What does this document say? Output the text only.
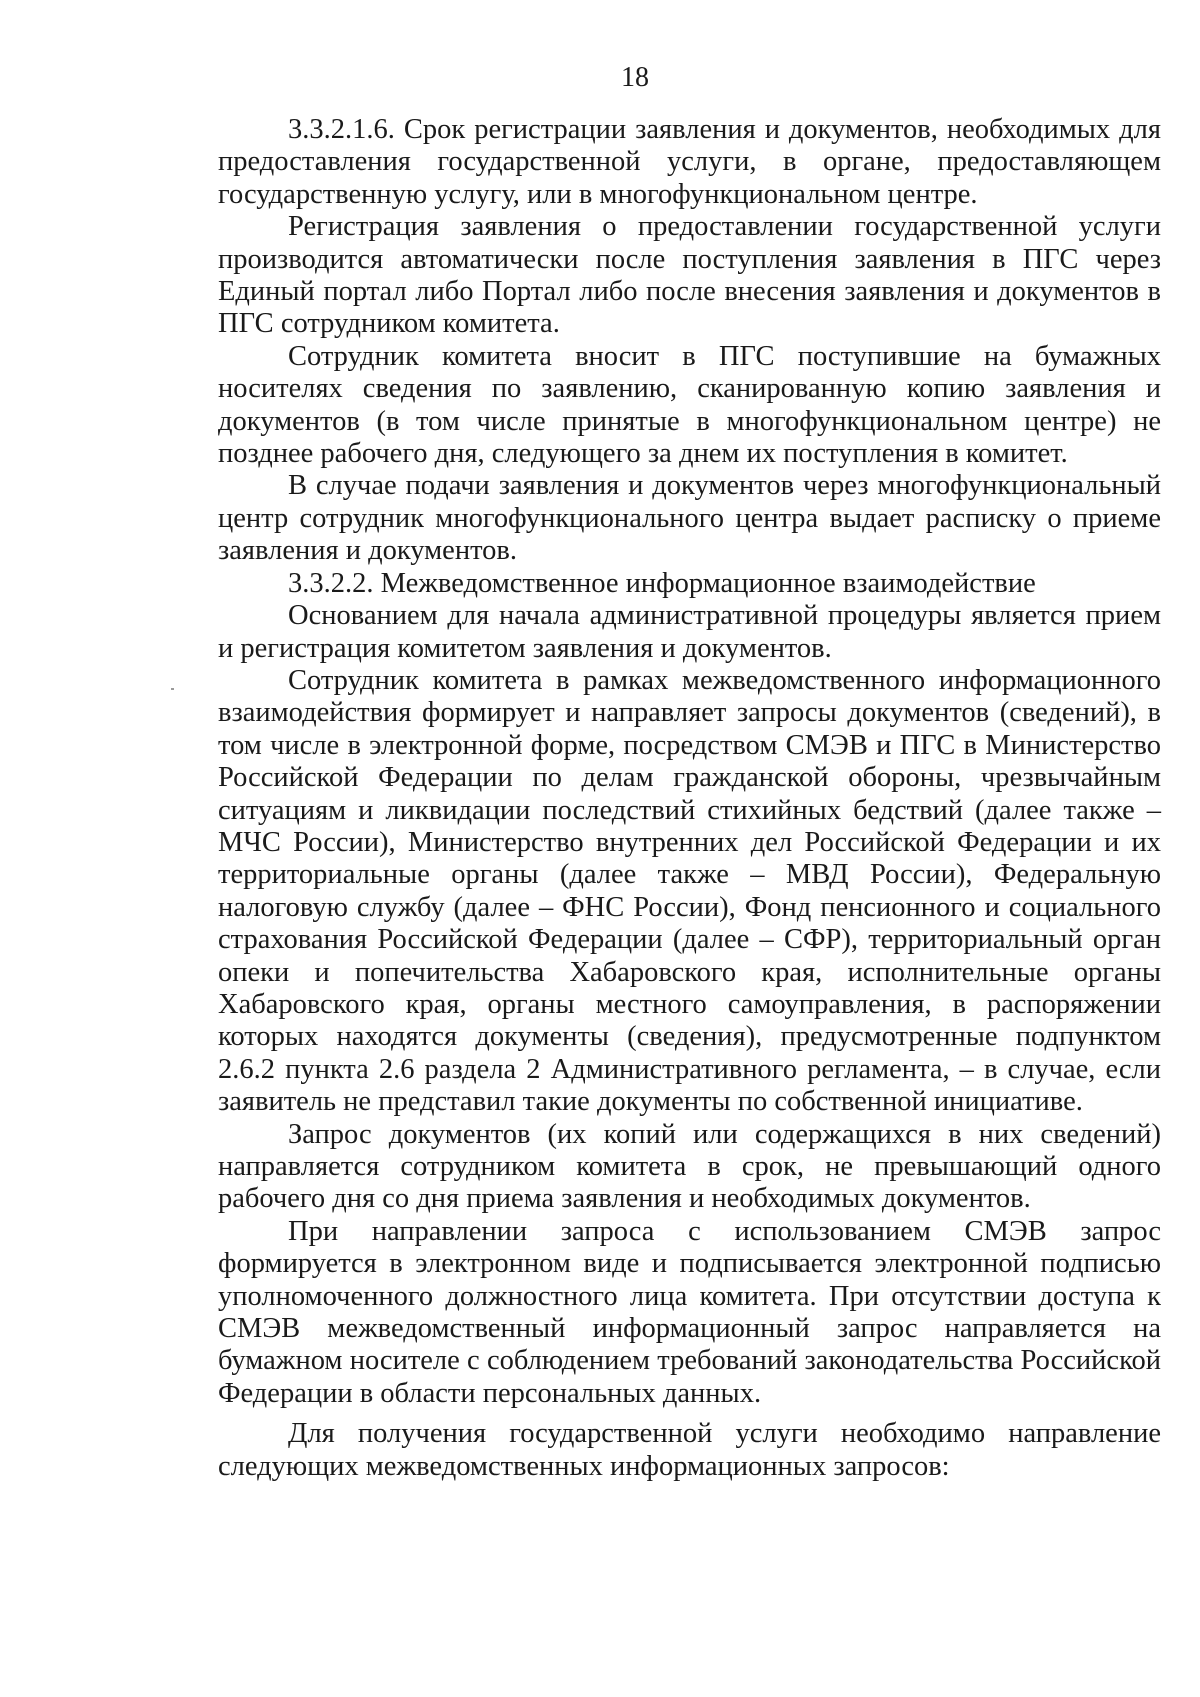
18

3.3.2.1.6. Срок регистрации заявления и документов, необходимых для предоставления государственной услуги, в органе, предоставляющем государственную услугу, или в многофункциональном центре.

Регистрация заявления о предоставлении государственной услуги производится автоматически после поступления заявления в ПГС через Единый портал либо Портал либо после внесения заявления и документов в ПГС сотрудником комитета.

Сотрудник комитета вносит в ПГС поступившие на бумажных носителях сведения по заявлению, сканированную копию заявления и документов (в том числе принятые в многофункциональном центре) не позднее рабочего дня, следующего за днем их поступления в комитет.

В случае подачи заявления и документов через многофункциональный центр сотрудник многофункционального центра выдает расписку о приеме заявления и документов.

3.3.2.2. Межведомственное информационное взаимодействие

Основанием для начала административной процедуры является прием и регистрация комитетом заявления и документов.

Сотрудник комитета в рамках межведомственного информационного взаимодействия формирует и направляет запросы документов (сведений), в том числе в электронной форме, посредством СМЭВ и ПГС в Министерство Российской Федерации по делам гражданской обороны, чрезвычайным ситуациям и ликвидации последствий стихийных бедствий (далее также – МЧС России), Министерство внутренних дел Российской Федерации и их территориальные органы (далее также – МВД России), Федеральную налоговую службу (далее – ФНС России), Фонд пенсионного и социального страхования Российской Федерации (далее – СФР), территориальный орган опеки и попечительства Хабаровского края, исполнительные органы Хабаровского края, органы местного самоуправления, в распоряжении которых находятся документы (сведения), предусмотренные подпунктом 2.6.2 пункта 2.6 раздела 2 Административного регламента, – в случае, если заявитель не представил такие документы по собственной инициативе.

Запрос документов (их копий или содержащихся в них сведений) направляется сотрудником комитета в срок, не превышающий одного рабочего дня со дня приема заявления и необходимых документов.

При направлении запроса с использованием СМЭВ запрос формируется в электронном виде и подписывается электронной подписью уполномоченного должностного лица комитета. При отсутствии доступа к СМЭВ межведомственный информационный запрос направляется на бумажном носителе с соблюдением требований законодательства Российской Федерации в области персональных данных.

Для получения государственной услуги необходимо направление следующих межведомственных информационных запросов:
